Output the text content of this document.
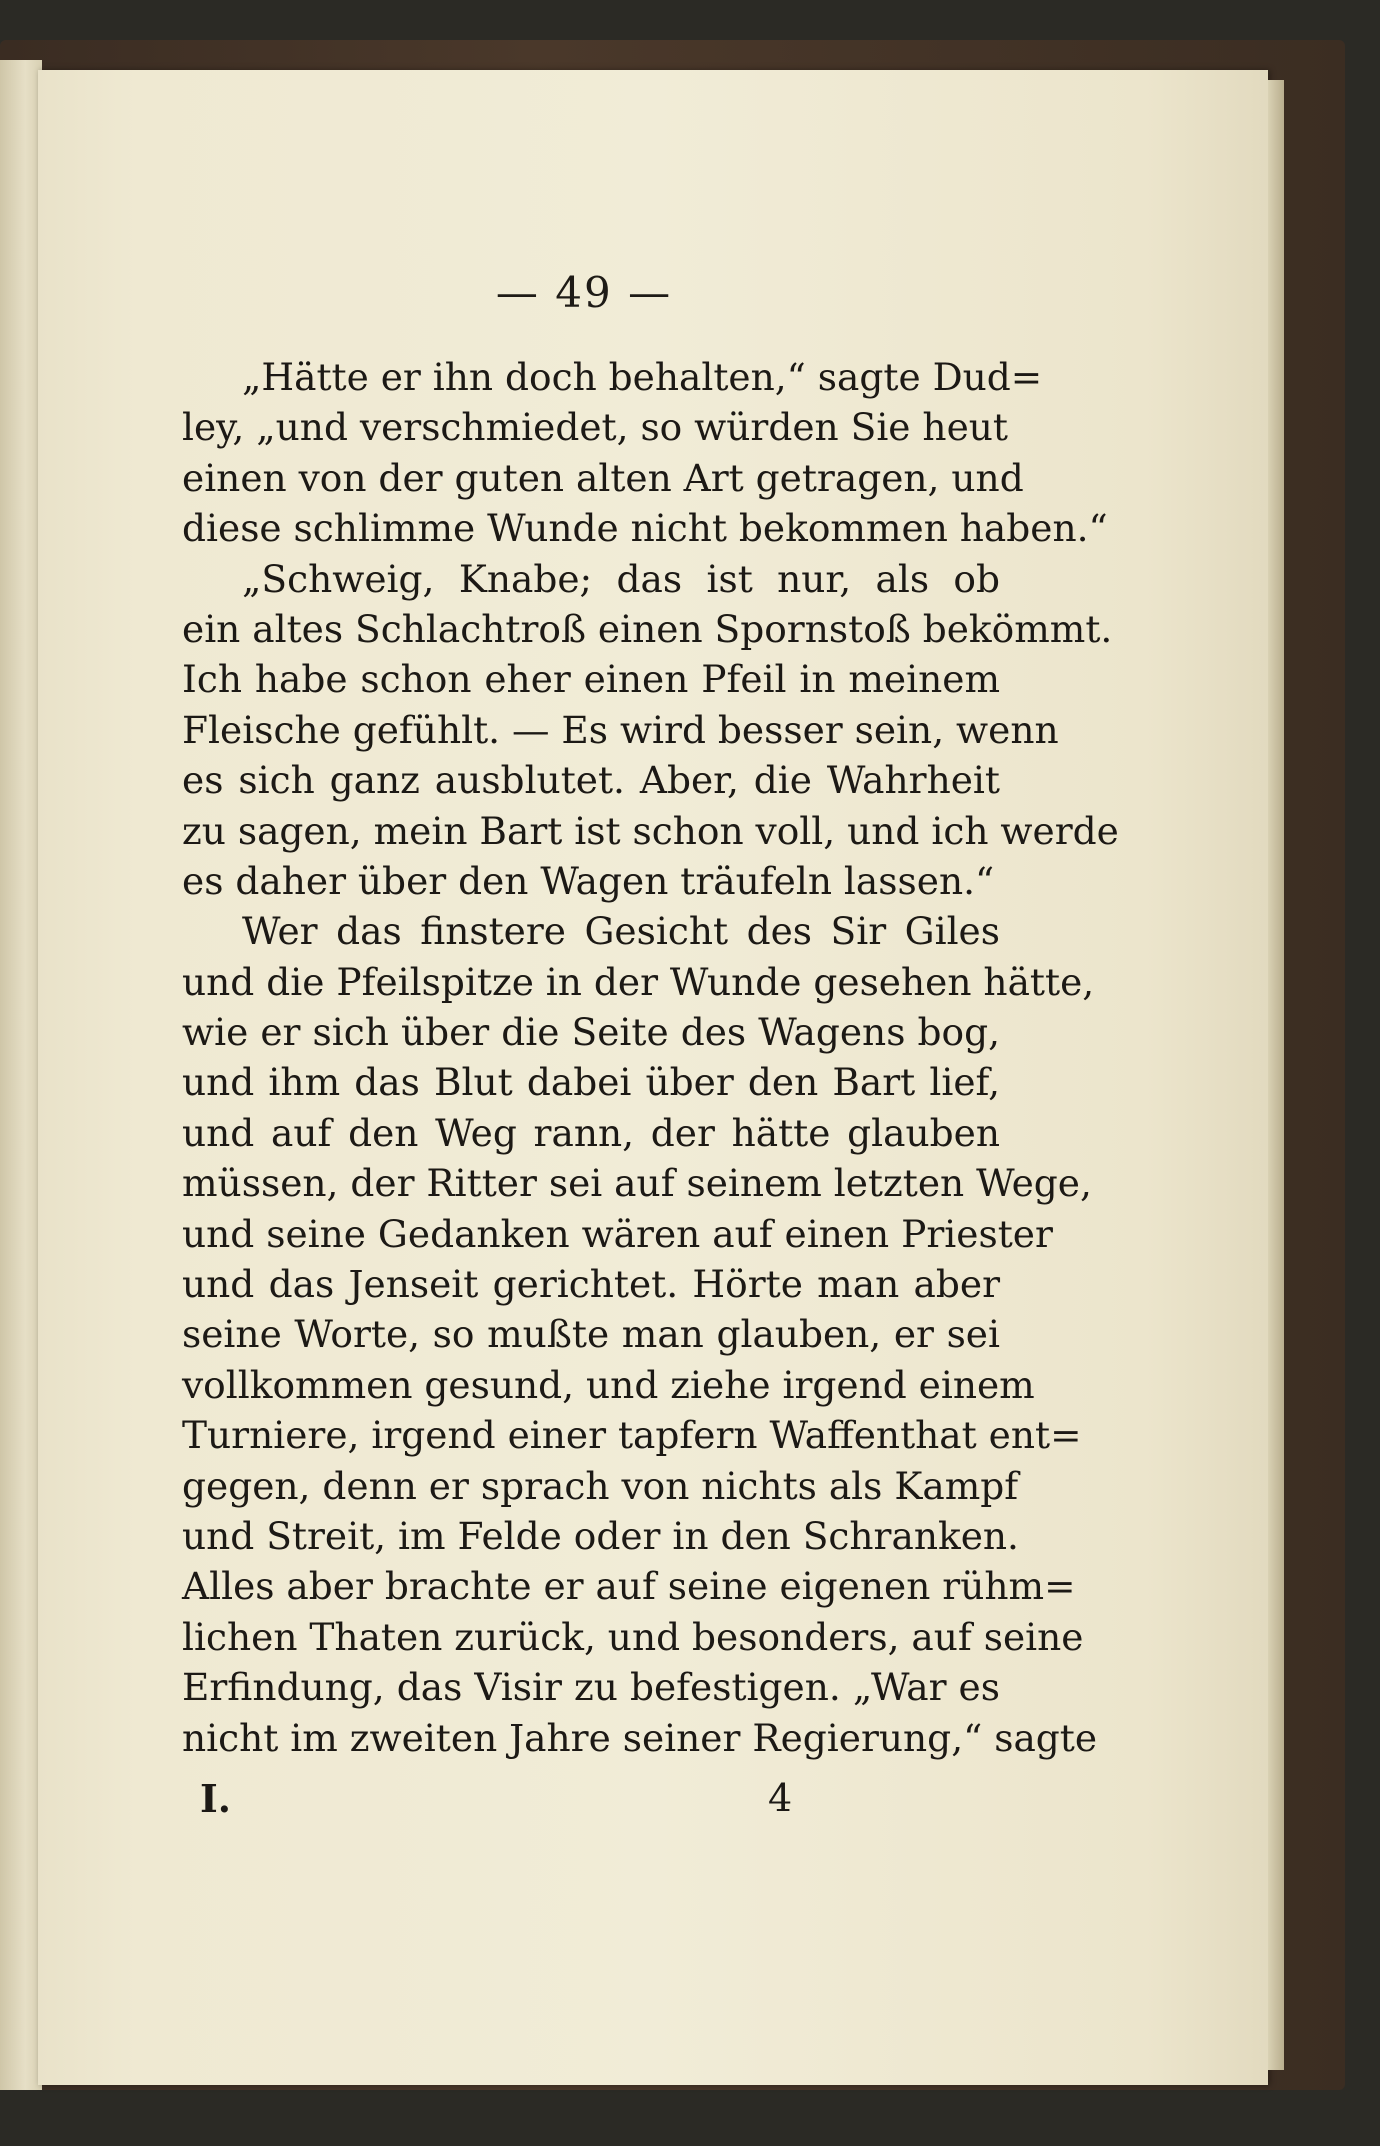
— 49 —
„Hätte er ihn doch behalten,“ sagte Dud=
ley, „und verschmiedet, so würden Sie heut
einen von der guten alten Art getragen, und
diese schlimme Wunde nicht bekommen haben.“
„Schweig, Knabe; das ist nur, als ob
ein altes Schlachtroß einen Spornstoß bekömmt.
Ich habe schon eher einen Pfeil in meinem
Fleische gefühlt. — Es wird besser sein, wenn
es sich ganz ausblutet. Aber, die Wahrheit
zu sagen, mein Bart ist schon voll, und ich werde
es daher über den Wagen träufeln lassen.“
Wer das finstere Gesicht des Sir Giles
und die Pfeilspitze in der Wunde gesehen hätte,
wie er sich über die Seite des Wagens bog,
und ihm das Blut dabei über den Bart lief,
und auf den Weg rann, der hätte glauben
müssen, der Ritter sei auf seinem letzten Wege,
und seine Gedanken wären auf einen Priester
und das Jenseit gerichtet. Hörte man aber
seine Worte, so mußte man glauben, er sei
vollkommen gesund, und ziehe irgend einem
Turniere, irgend einer tapfern Waffenthat ent=
gegen, denn er sprach von nichts als Kampf
und Streit, im Felde oder in den Schranken.
Alles aber brachte er auf seine eigenen rühm=
lichen Thaten zurück, und besonders, auf seine
Erfindung, das Visir zu befestigen. „War es
nicht im zweiten Jahre seiner Regierung,“ sagte
I.	4
